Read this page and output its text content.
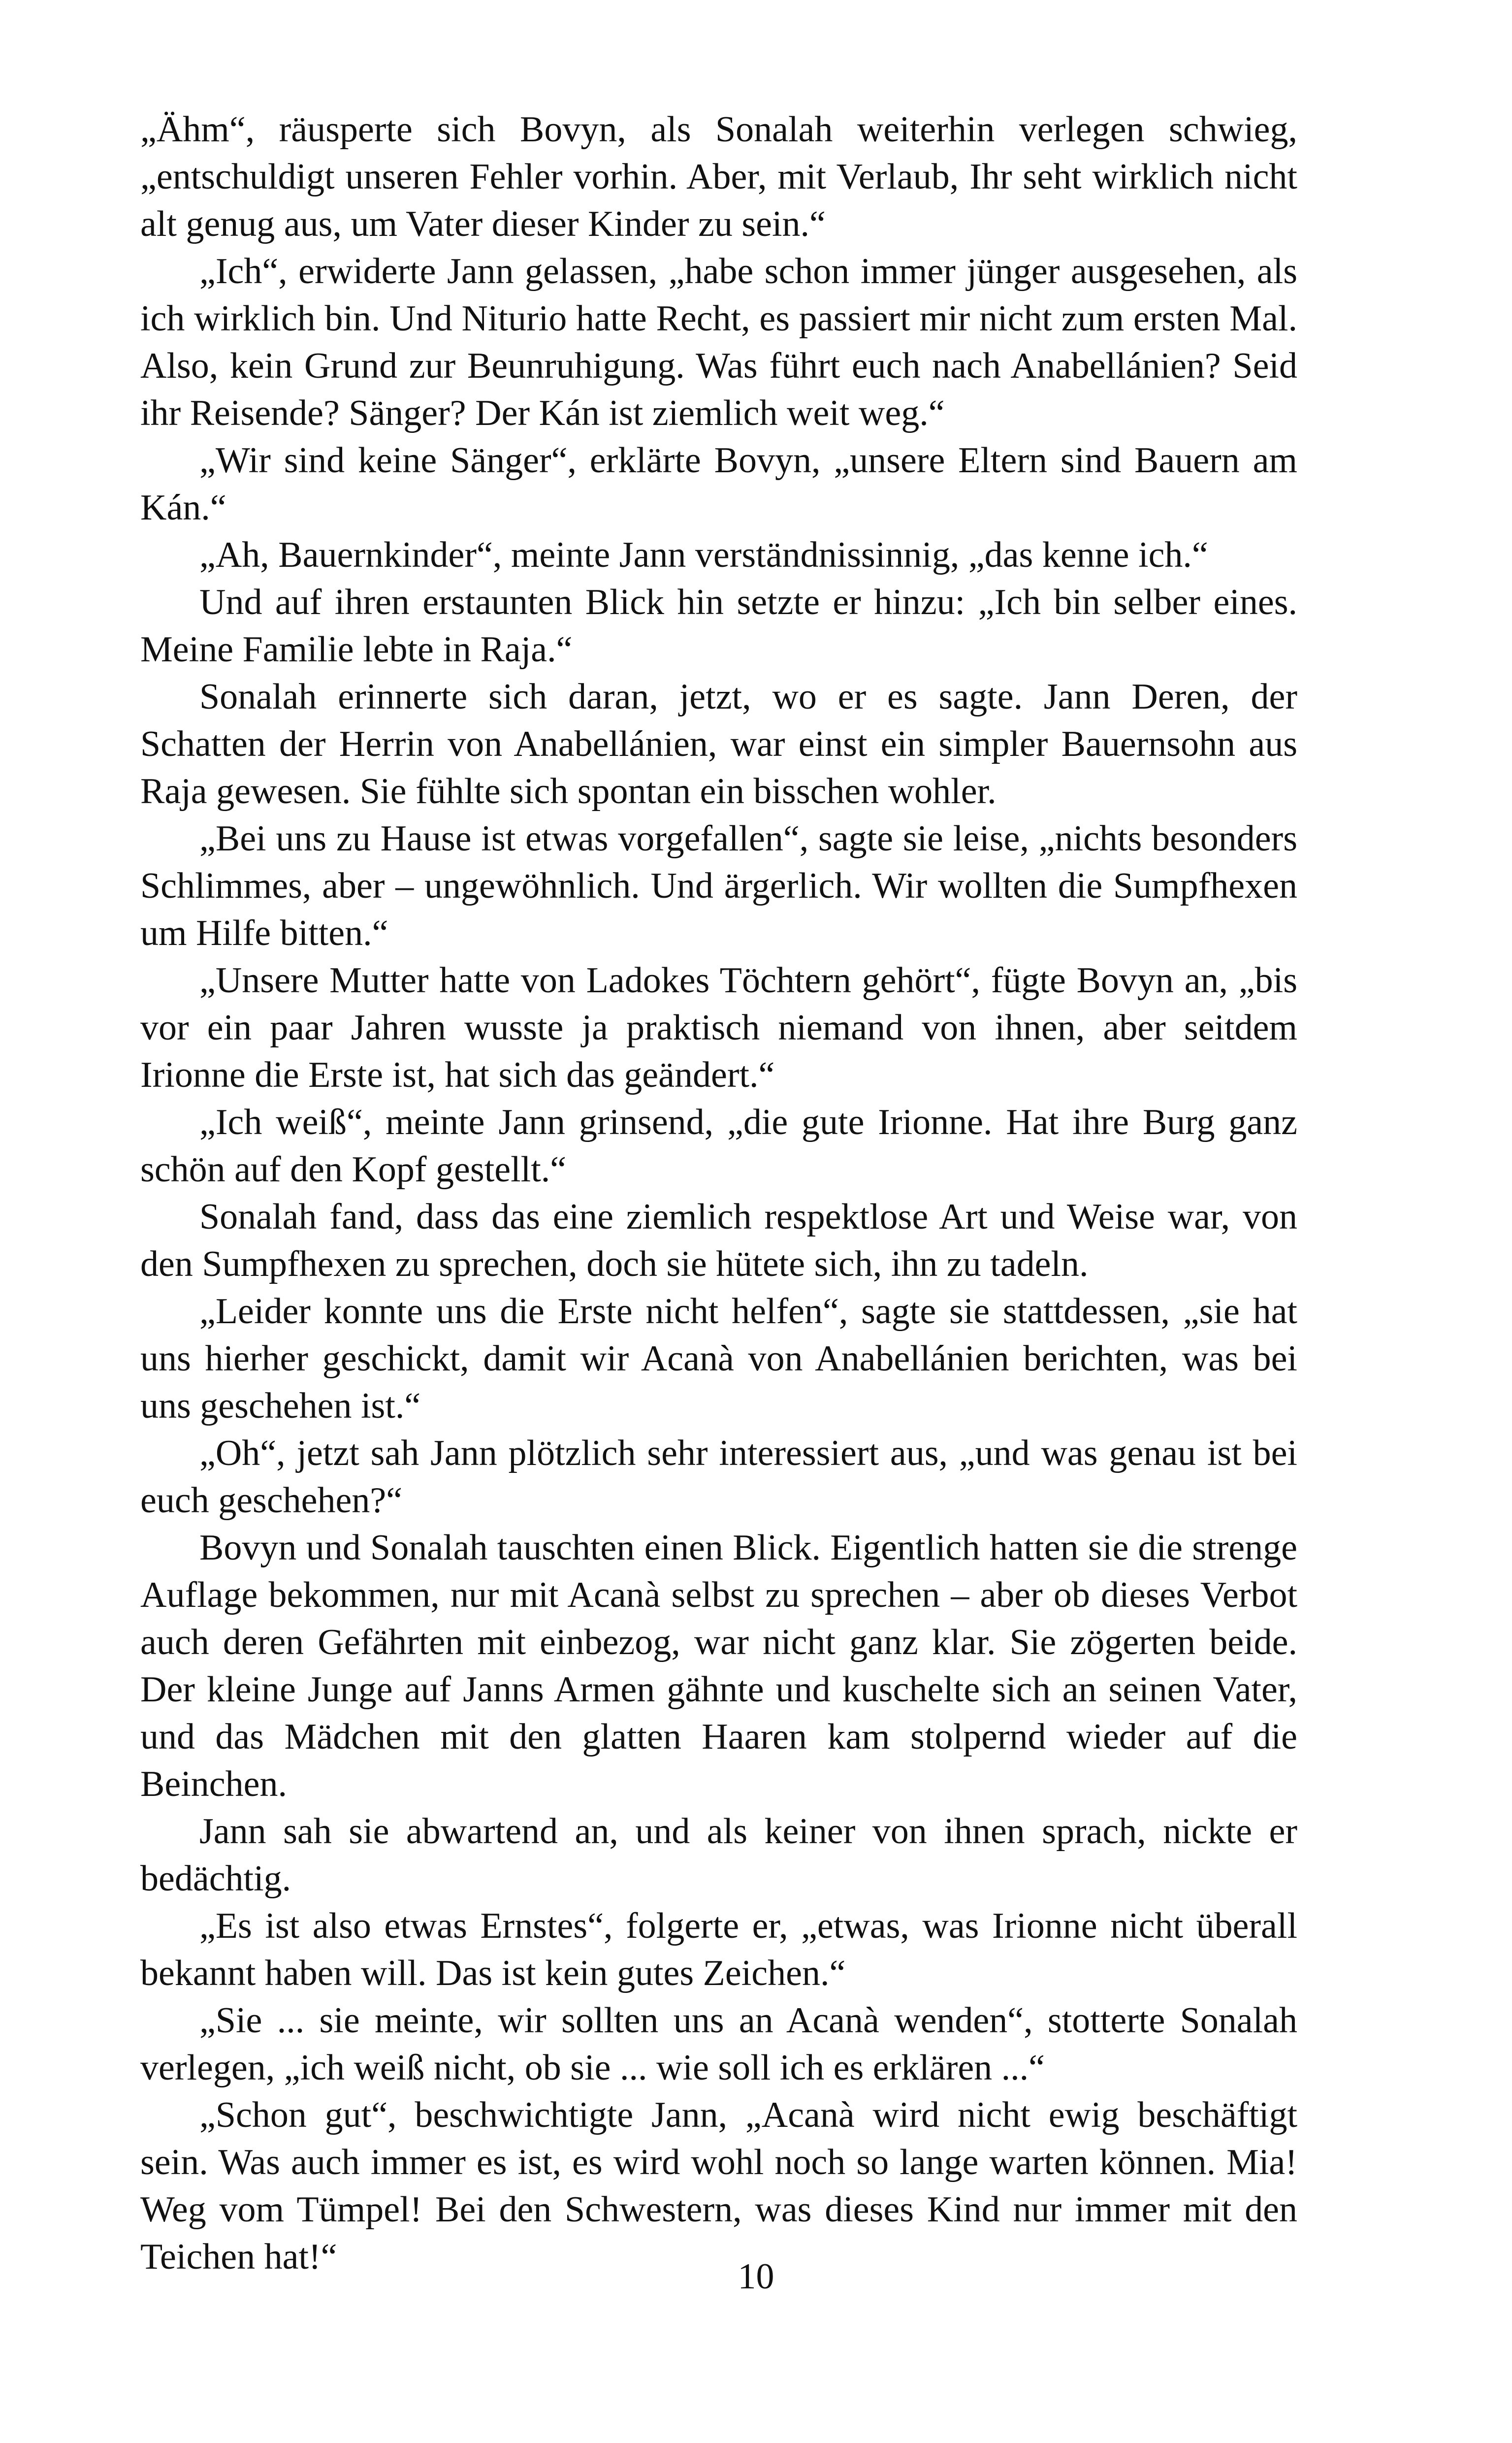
„Ähm“, räusperte sich Bovyn, als Sonalah weiterhin verlegen schwieg, „entschuldigt unseren Fehler vorhin. Aber, mit Verlaub, Ihr seht wirklich nicht alt genug aus, um Vater dieser Kinder zu sein.“

„Ich“, erwiderte Jann gelassen, „habe schon immer jünger ausgesehen, als ich wirklich bin. Und Niturio hatte Recht, es passiert mir nicht zum ersten Mal. Also, kein Grund zur Beunruhigung. Was führt euch nach Anabellánien? Seid ihr Reisende? Sänger? Der Kán ist ziemlich weit weg.“

„Wir sind keine Sänger“, erklärte Bovyn, „unsere Eltern sind Bauern am Kán.“

„Ah, Bauernkinder“, meinte Jann verständnissinnig, „das kenne ich.“

Und auf ihren erstaunten Blick hin setzte er hinzu: „Ich bin selber eines. Meine Familie lebte in Raja.“

Sonalah erinnerte sich daran, jetzt, wo er es sagte. Jann Deren, der Schatten der Herrin von Anabellánien, war einst ein simpler Bauernsohn aus Raja gewesen. Sie fühlte sich spontan ein bisschen wohler.

„Bei uns zu Hause ist etwas vorgefallen“, sagte sie leise, „nichts besonders Schlimmes, aber – ungewöhnlich. Und ärgerlich. Wir wollten die Sumpfhexen um Hilfe bitten.“

„Unsere Mutter hatte von Ladokes Töchtern gehört“, fügte Bovyn an, „bis vor ein paar Jahren wusste ja praktisch niemand von ihnen, aber seitdem Irionne die Erste ist, hat sich das geändert.“

„Ich weiß“, meinte Jann grinsend, „die gute Irionne. Hat ihre Burg ganz schön auf den Kopf gestellt.“

Sonalah fand, dass das eine ziemlich respektlose Art und Weise war, von den Sumpfhexen zu sprechen, doch sie hütete sich, ihn zu tadeln.

„Leider konnte uns die Erste nicht helfen“, sagte sie stattdessen, „sie hat uns hierher geschickt, damit wir Acanà von Anabellánien berichten, was bei uns geschehen ist.“

„Oh“, jetzt sah Jann plötzlich sehr interessiert aus, „und was genau ist bei euch geschehen?“

Bovyn und Sonalah tauschten einen Blick. Eigentlich hatten sie die strenge Auflage bekommen, nur mit Acanà selbst zu sprechen – aber ob dieses Verbot auch deren Gefährten mit einbezog, war nicht ganz klar. Sie zögerten beide. Der kleine Junge auf Janns Armen gähnte und kuschelte sich an seinen Vater, und das Mädchen mit den glatten Haaren kam stolpernd wieder auf die Beinchen.

Jann sah sie abwartend an, und als keiner von ihnen sprach, nickte er bedächtig.

„Es ist also etwas Ernstes“, folgerte er, „etwas, was Irionne nicht überall bekannt haben will. Das ist kein gutes Zeichen.“

„Sie ... sie meinte, wir sollten uns an Acanà wenden“, stotterte Sonalah verlegen, „ich weiß nicht, ob sie ... wie soll ich es erklären ...“

„Schon gut“, beschwichtigte Jann, „Acanà wird nicht ewig beschäftigt sein. Was auch immer es ist, es wird wohl noch so lange warten können. Mia! Weg vom Tümpel! Bei den Schwestern, was dieses Kind nur immer mit den Teichen hat!“	10
